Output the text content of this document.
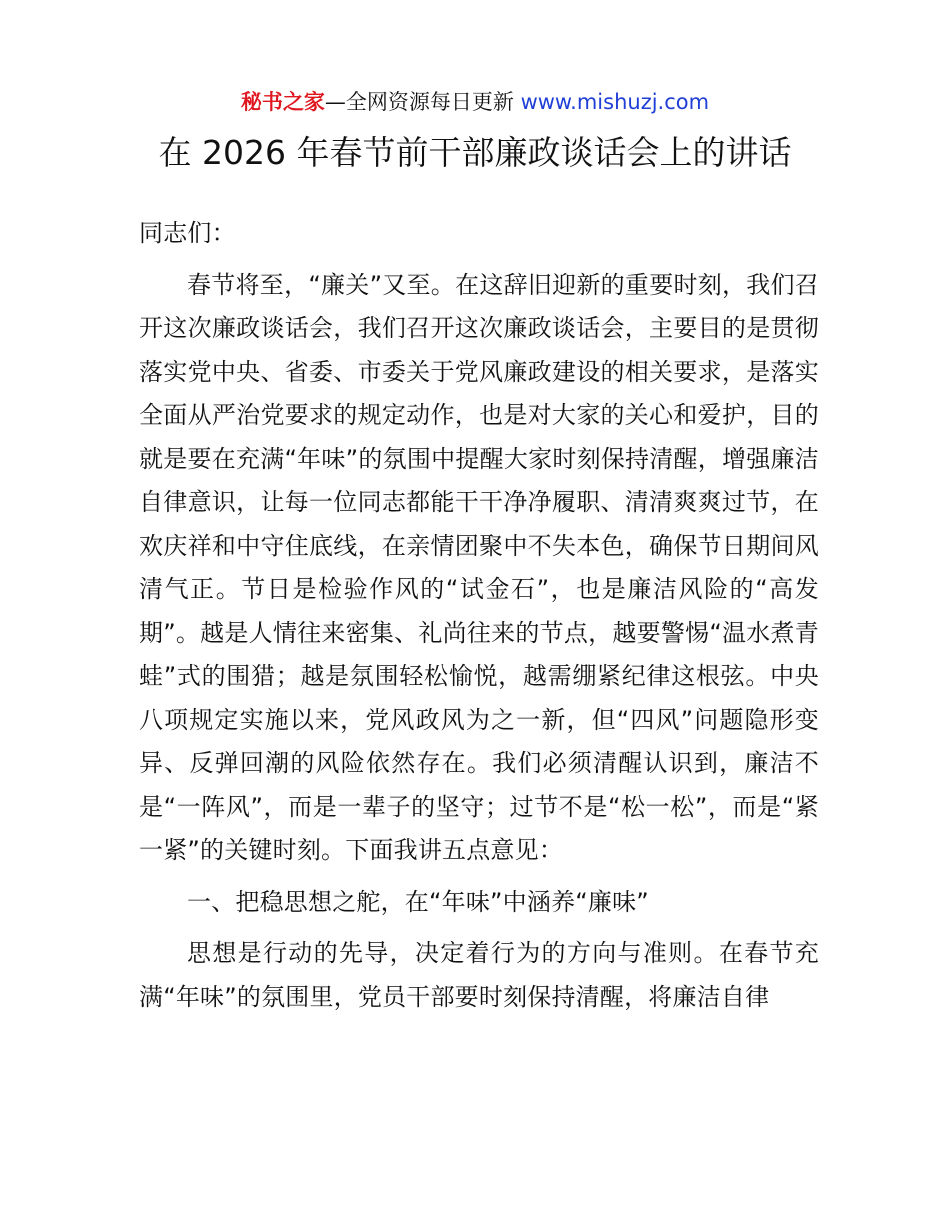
秘书之家—全网资源每日更新 www.mishuzj.com
在 2026 年春节前干部廉政谈话会上的讲话

同志们：

春节将至，“廉关”又至。在这辞旧迎新的重要时刻，我们召开这次廉政谈话会，我们召开这次廉政谈话会，主要目的是贯彻落实党中央、省委、市委关于党风廉政建设的相关要求，是落实全面从严治党要求的规定动作，也是对大家的关心和爱护，目的就是要在充满“年味”的氛围中提醒大家时刻保持清醒，增强廉洁自律意识，让每一位同志都能干干净净履职、清清爽爽过节，在欢庆祥和中守住底线，在亲情团聚中不失本色，确保节日期间风清气正。节日是检验作风的“试金石”，也是廉洁风险的“高发期”。越是人情往来密集、礼尚往来的节点，越要警惕“温水煮青蛙”式的围猎；越是氛围轻松愉悦，越需绷紧纪律这根弦。中央八项规定实施以来，党风政风为之一新，但“四风”问题隐形变异、反弹回潮的风险依然存在。我们必须清醒认识到，廉洁不是“一阵风”，而是一辈子的坚守；过节不是“松一松”，而是“紧一紧”的关键时刻。下面我讲五点意见：

一、把稳思想之舵，在“年味”中涵养“廉味”

思想是行动的先导，决定着行为的方向与准则。在春节充满“年味”的氛围里，党员干部要时刻保持清醒，将廉洁自律
